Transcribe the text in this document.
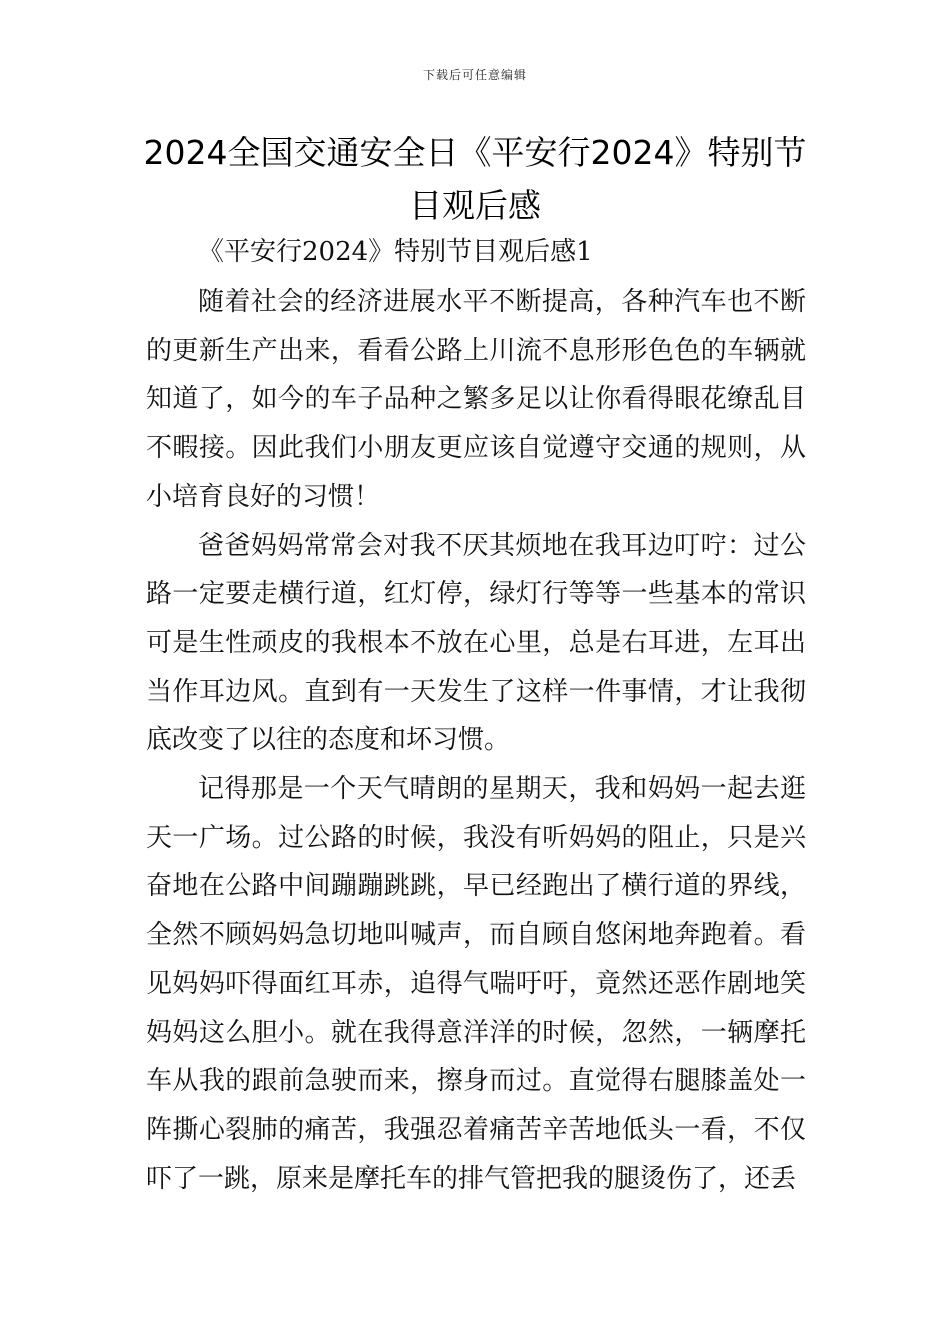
下载后可任意编辑
2024全国交通安全日《平安行2024》特别节目观后感

《平安行2024》特别节目观后感1

随着社会的经济进展水平不断提高，各种汽车也不断的更新生产出来，看看公路上川流不息形形色色的车辆就知道了，如今的车子品种之繁多足以让你看得眼花缭乱目不暇接。因此我们小朋友更应该自觉遵守交通的规则，从小培育良好的习惯！

爸爸妈妈常常会对我不厌其烦地在我耳边叮咛：过公路一定要走横行道，红灯停，绿灯行等等一些基本的常识可是生性顽皮的我根本不放在心里，总是右耳进，左耳出当作耳边风。直到有一天发生了这样一件事情，才让我彻底改变了以往的态度和坏习惯。

记得那是一个天气晴朗的星期天，我和妈妈一起去逛天一广场。过公路的时候，我没有听妈妈的阻止，只是兴奋地在公路中间蹦蹦跳跳，早已经跑出了横行道的界线，全然不顾妈妈急切地叫喊声，而自顾自悠闲地奔跑着。看见妈妈吓得面红耳赤，追得气喘吁吁，竟然还恶作剧地笑妈妈这么胆小。就在我得意洋洋的时候，忽然，一辆摩托车从我的跟前急驶而来，擦身而过。直觉得右腿膝盖处一阵撕心裂肺的痛苦，我强忍着痛苦辛苦地低头一看，不仅吓了一跳，原来是摩托车的排气管把我的腿烫伤了，还丢
